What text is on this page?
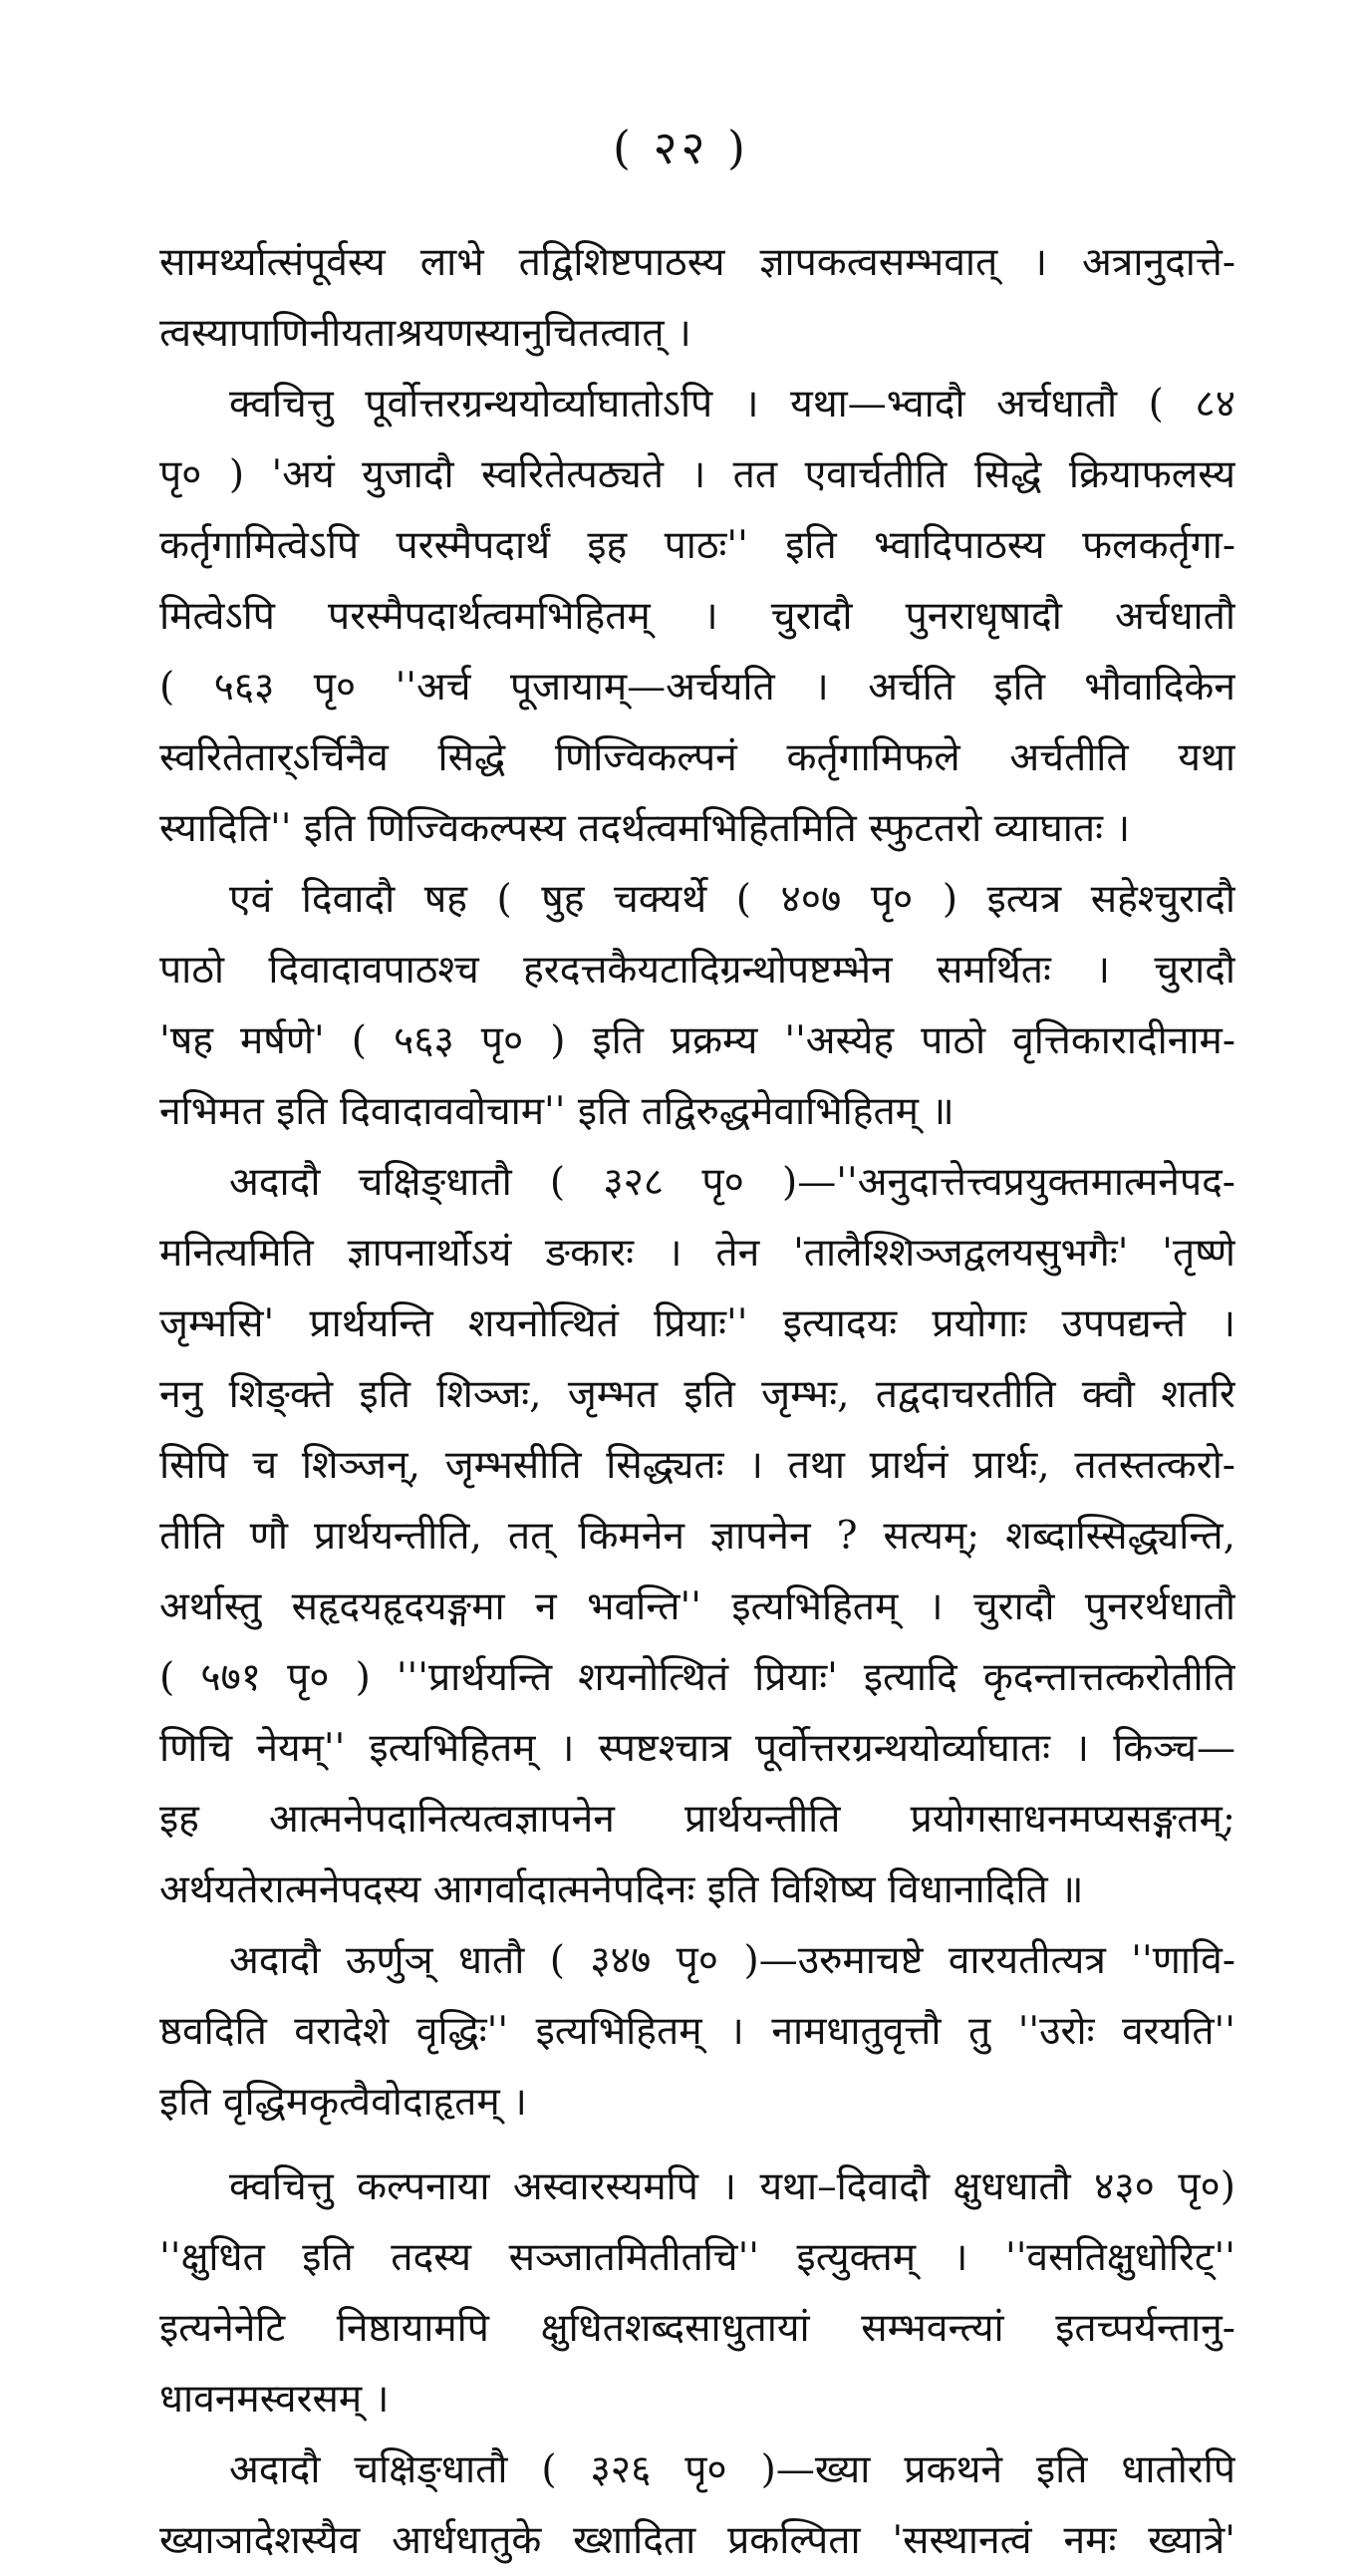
( २२ )
सामर्थ्यात्संपूर्वस्य लाभे तद्विशिष्टपाठस्य ज्ञापकत्वसम्भवात् । अत्रानुदात्ते-
त्वस्यापाणिनीयताश्रयणस्यानुचितत्वात् ।
क्वचित्तु पूर्वोत्तरग्रन्थयोर्व्याघातोऽपि । यथा—भ्वादौ अर्चधातौ ( ८४
पृ० ) 'अयं युजादौ स्वरितेत्पठ्यते । तत एवार्चतीति सिद्धे क्रियाफलस्य
कर्तृगामित्वेऽपि परस्मैपदार्थं इह पाठः'' इति भ्वादिपाठस्य फलकर्तृगा-
मित्वेऽपि परस्मैपदार्थत्वमभिहितम् । चुरादौ पुनराधृषादौ अर्चधातौ
( ५६३ पृ० ''अर्च पूजायाम्—अर्चयति । अर्चति इति भौवादिकेन
स्वरितेतार्ऽर्चिनैव सिद्धे णिज्विकल्पनं कर्तृगामिफले अर्चतीति यथा
स्यादिति'' इति णिज्विकल्पस्य तदर्थत्वमभिहितमिति स्फुटतरो व्याघातः ।
एवं दिवादौ षह ( षुह चक्यर्थे ( ४०७ पृ० ) इत्यत्र सहेश्चुरादौ
पाठो दिवादावपाठश्च हरदत्तकैयटादिग्रन्थोपष्टम्भेन समर्थितः । चुरादौ
'षह मर्षणे' ( ५६३ पृ० ) इति प्रक्रम्य ''अस्येह पाठो वृत्तिकारादीनाम-
नभिमत इति दिवादाववोचाम'' इति तद्विरुद्धमेवाभिहितम् ॥
अदादौ चक्षिङ्धातौ ( ३२८ पृ० )—''अनुदात्तेत्त्वप्रयुक्तमात्मनेपद-
मनित्यमिति ज्ञापनार्थोऽयं ङकारः । तेन 'तालैश्शिञ्जद्वलयसुभगैः' 'तृष्णे
जृम्भसि' प्रार्थयन्ति शयनोत्थितं प्रियाः'' इत्यादयः प्रयोगाः उपपद्यन्ते ।
ननु शिङ्क्ते इति शिञ्जः, जृम्भत इति जृम्भः, तद्वदाचरतीति क्वौ शतरि
सिपि च शिञ्जन्, जृम्भसीति सिद्ध्यतः । तथा प्रार्थनं प्रार्थः, ततस्तत्करो-
तीति णौ प्रार्थयन्तीति, तत् किमनेन ज्ञापनेन ? सत्यम्; शब्दास्सिद्ध्यन्ति,
अर्थास्तु सहृदयहृदयङ्गमा न भवन्ति'' इत्यभिहितम् । चुरादौ पुनरर्थधातौ
( ५७१ पृ० ) '''प्रार्थयन्ति शयनोत्थितं प्रियाः' इत्यादि कृदन्तात्तत्करोतीति
णिचि नेयम्'' इत्यभिहितम् । स्पष्टश्चात्र पूर्वोत्तरग्रन्थयोर्व्याघातः । किञ्च—
इह आत्मनेपदानित्यत्वज्ञापनेन प्रार्थयन्तीति प्रयोगसाधनमप्यसङ्गतम्;
अर्थयतेरात्मनेपदस्य आगर्वादात्मनेपदिनः इति विशिष्य विधानादिति ॥
अदादौ ऊर्णुञ् धातौ ( ३४७ पृ० )—उरुमाचष्टे वारयतीत्यत्र ''णावि-
ष्ठवदिति वरादेशे वृद्धिः'' इत्यभिहितम् । नामधातुवृत्तौ तु ''उरोः वरयति''
इति वृद्धिमकृत्वैवोदाहृतम् ।
क्वचित्तु कल्पनाया अस्वारस्यमपि । यथा–दिवादौ क्षुधधातौ ४३० पृ०)
''क्षुधित इति तदस्य सञ्जातमितीतचि'' इत्युक्तम् । ''वसतिक्षुधोरिट्''
इत्यनेनेटि निष्ठायामपि क्षुधितशब्दसाधुतायां सम्भवन्त्यां इतच्पर्यन्तानु-
धावनमस्वरसम् ।
अदादौ चक्षिङ्धातौ ( ३२६ पृ० )—ख्या प्रकथने इति धातोरपि
ख्याञादेशस्यैव आर्धधातुके ख्शादिता प्रकल्पिता 'सस्थानत्वं नमः ख्यात्रे'
